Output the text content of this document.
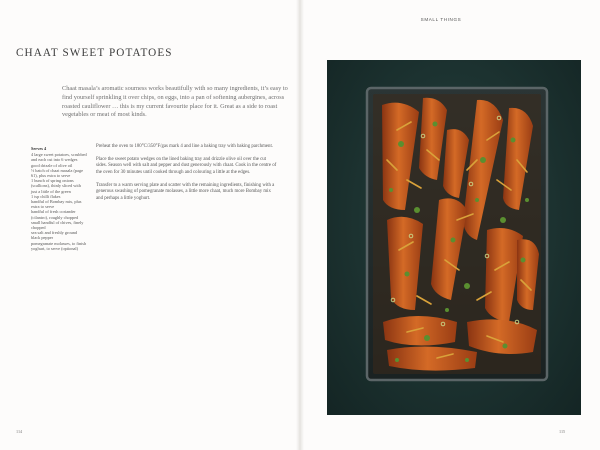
CHAAT SWEET POTATOES
Chaat masala’s aromatic sourness works beautifully with so many ingredients, it’s easy to find yourself sprinkling it over chips, on eggs, into a pan of softening aubergines, across roasted cauliflower … this is my current favourite place for it. Great as a side to roast vegetables or meat of most kinds.
Serves 4

4 large sweet potatoes, scrubbed and each cut into 6 wedges

good drizzle of olive oil

½ batch of chaat masala (page 61), plus extra to serve

1 bunch of spring onions (scallions), thinly sliced with just a little of the green

1 tsp chilli flakes

handful of Bombay mix, plus extra to serve

handful of fresh coriander (cilantro), roughly chopped

small handful of chives, finely chopped

sea salt and freshly ground black pepper

pomegranate molasses, to finish

yoghurt, to serve (optional)

Preheat the oven to 180°C/350°F/gas mark 4 and line a baking tray with baking parchment.

Place the sweet potato wedges on the lined baking tray and drizzle olive oil over the cut sides. Season well with salt and pepper and dust generously with chaat. Cook in the centre of the oven for 30 minutes until cooked through and colouring a little at the edges.

Transfer to a warm serving plate and scatter with the remaining ingredients, finishing with a generous swashing of pomegranate molasses, a little more chaat, much more Bombay mix and perhaps a little yoghurt.

114	115
SMALL THINGS
